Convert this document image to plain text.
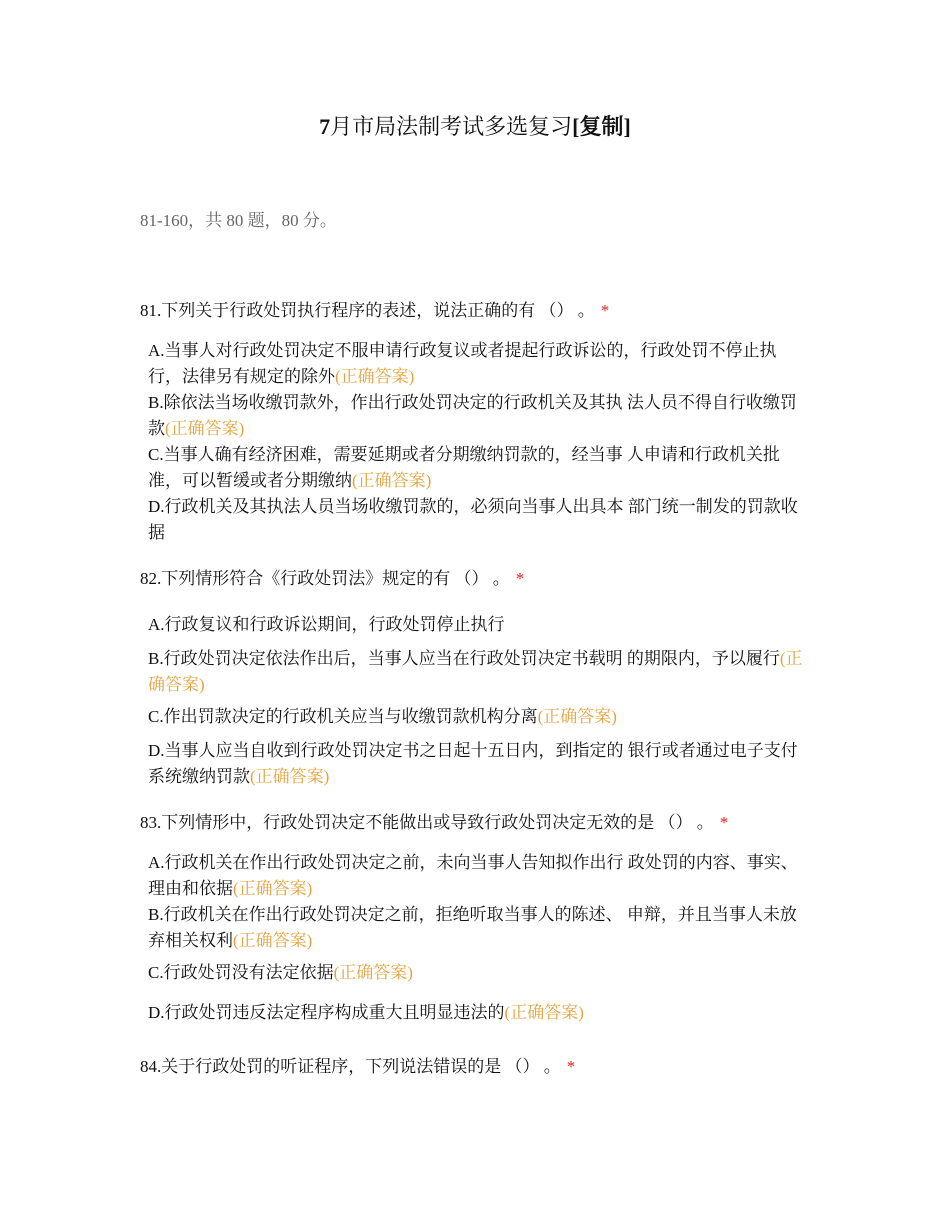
7月市局法制考试多选复习[复制]
81-160，共 80 题，80 分。
81.下列关于行政处罚执行程序的表述，说法正确的有 （） 。 *
A.当事人对行政处罚决定不服申请行政复议或者提起行政诉讼的，行政处罚不停止执行，法律另有规定的除外(正确答案)
B.除依法当场收缴罚款外，作出行政处罚决定的行政机关及其执 法人员不得自行收缴罚款(正确答案)
C.当事人确有经济困难，需要延期或者分期缴纳罚款的，经当事 人申请和行政机关批准，可以暂缓或者分期缴纳(正确答案)
D.行政机关及其执法人员当场收缴罚款的，必须向当事人出具本 部门统一制发的罚款收据
82.下列情形符合《行政处罚法》规定的有 （） 。 *
A.行政复议和行政诉讼期间，行政处罚停止执行
B.行政处罚决定依法作出后，当事人应当在行政处罚决定书载明 的期限内，予以履行(正确答案)
C.作出罚款决定的行政机关应当与收缴罚款机构分离(正确答案)
D.当事人应当自收到行政处罚决定书之日起十五日内，到指定的 银行或者通过电子支付系统缴纳罚款(正确答案)
83.下列情形中，行政处罚决定不能做出或导致行政处罚决定无效的是 （） 。 *
A.行政机关在作出行政处罚决定之前，未向当事人告知拟作出行 政处罚的内容、事实、理由和依据(正确答案)
B.行政机关在作出行政处罚决定之前，拒绝听取当事人的陈述、 申辩，并且当事人未放弃相关权利(正确答案)
C.行政处罚没有法定依据(正确答案)
D.行政处罚违反法定程序构成重大且明显违法的(正确答案)
84.关于行政处罚的听证程序，下列说法错误的是 （） 。 *
